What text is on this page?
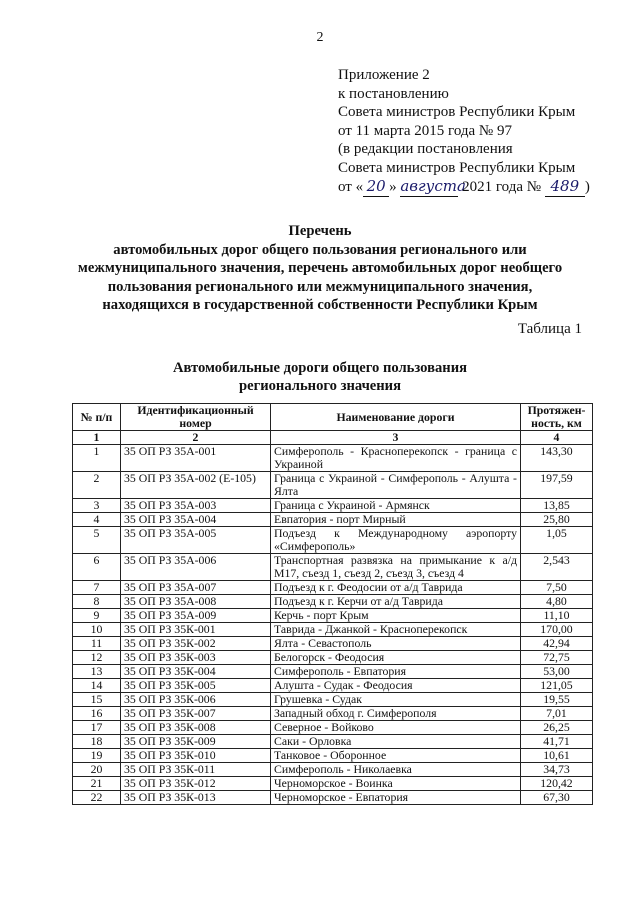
2
Приложение 2
к постановлению
Совета министров Республики Крым
от 11 марта 2015 года № 97
(в редакции постановления
Совета министров Республики Крым
от « 20 » августа 2021 года № 489 )
Перечень
автомобильных дорог общего пользования регионального или
межмуниципального значения, перечень автомобильных дорог необщего
пользования регионального или межмуниципального значения,
находящихся в государственной собственности Республики Крым
Таблица 1
Автомобильные дороги общего пользования
регионального значения
№ п/п	Идентификационный номер	Наименование дороги	Протяжен-ность, км
1	2	3	4
1	35 ОП РЗ 35А-001	Симферополь - Красноперекопск - граница с Украиной	143,30
2	35 ОП РЗ 35А-002 (Е-105)	Граница с Украиной - Симферополь - Алушта - Ялта	197,59
3	35 ОП РЗ 35А-003	Граница с Украиной - Армянск	13,85
4	35 ОП РЗ 35А-004	Евпатория - порт Мирный	25,80
5	35 ОП РЗ 35А-005	Подъезд к Международному аэропорту «Симферополь»	1,05
6	35 ОП РЗ 35А-006	Транспортная развязка на примыкание к а/д М17, съезд 1, съезд 2, съезд 3, съезд 4	2,543
7	35 ОП РЗ 35А-007	Подъезд к г. Феодосии от а/д Таврида	7,50
8	35 ОП РЗ 35А-008	Подъезд к г. Керчи от а/д Таврида	4,80
9	35 ОП РЗ 35А-009	Керчь - порт Крым	11,10
10	35 ОП РЗ 35К-001	Таврида - Джанкой - Красноперекопск	170,00
11	35 ОП РЗ 35К-002	Ялта - Севастополь	42,94
12	35 ОП РЗ 35К-003	Белогорск - Феодосия	72,75
13	35 ОП РЗ 35К-004	Симферополь - Евпатория	53,00
14	35 ОП РЗ 35К-005	Алушта - Судак - Феодосия	121,05
15	35 ОП РЗ 35К-006	Грушевка - Судак	19,55
16	35 ОП РЗ 35К-007	Западный обход г. Симферополя	7,01
17	35 ОП РЗ 35К-008	Северное - Войково	26,25
18	35 ОП РЗ 35К-009	Саки - Орловка	41,71
19	35 ОП РЗ 35К-010	Танковое - Оборонное	10,61
20	35 ОП РЗ 35К-011	Симферополь - Николаевка	34,73
21	35 ОП РЗ 35К-012	Черноморское - Воинка	120,42
22	35 ОП РЗ 35К-013	Черноморское - Евпатория	67,30
